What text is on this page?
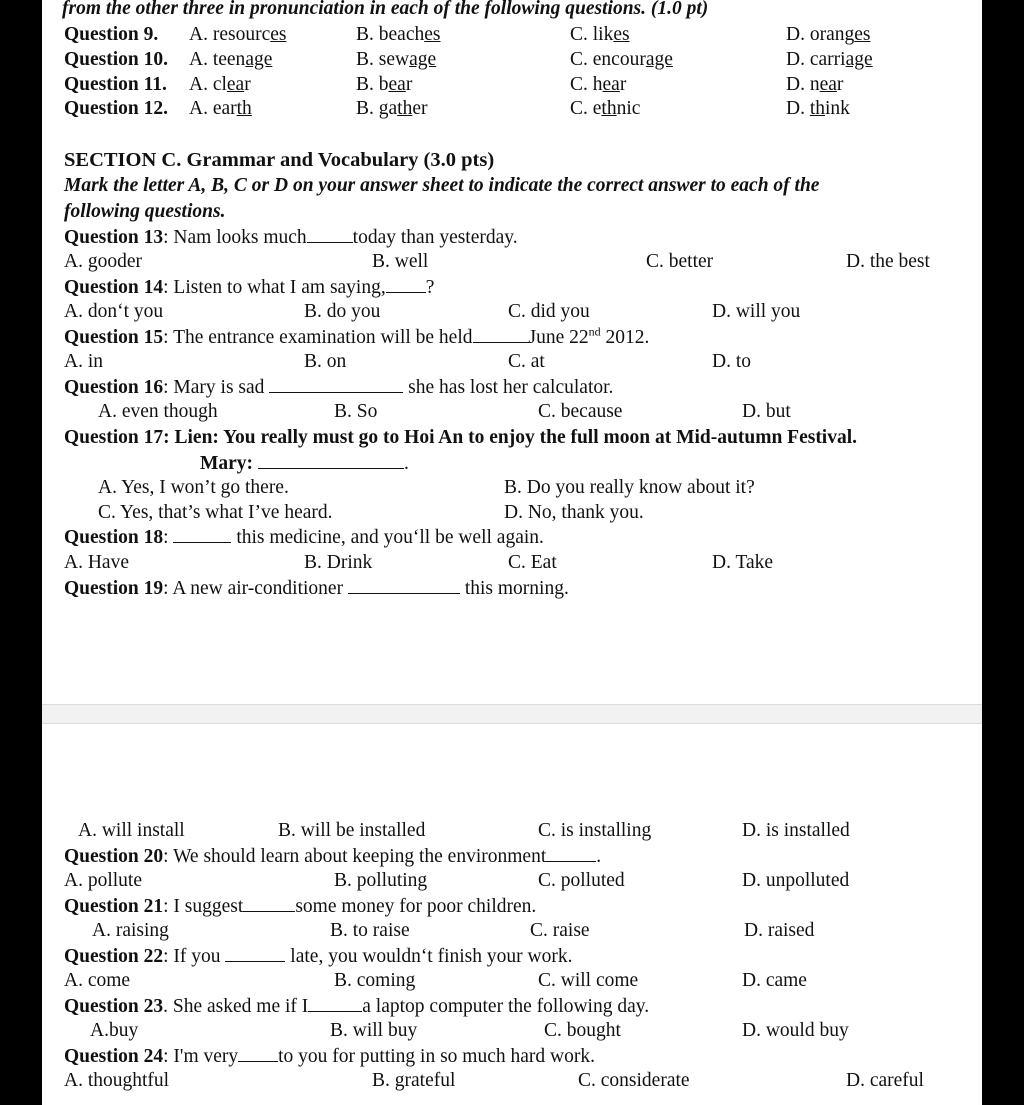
from the other three in pronunciation in each of the following questions. (1.0 pt)
Question 9. A. resources	B. beaches	C. likes	D. oranges
Question 10. A. teenage	B. sewage	C. encourage	D. carriage
Question 11. A. clear	B. bear	C. hear	D. near
Question 12. A. earth	B. gather	C. ethnic	D. think
SECTION C. Grammar and Vocabulary (3.0 pts)
Mark the letter A, B, C or D on your answer sheet to indicate the correct answer to each of the
following questions.
Question 13: Nam looks much today than yesterday.
A. gooder	B. well	C. better	D. the best
Question 14: Listen to what I am saying, ?
A. don‘t you	B. do you	C. did you	D. will you
Question 15: The entrance examination will be held	June 22nd 2012.
A. in	B. on	C. at	D. to
Question 16: Mary is sad	she has lost her calculator.
A. even though	B. So	C. because	D. but
Question 17: Lien: You really must go to Hoi An to enjoy the full moon at Mid-autumn Festival.
Mary:	.
A. Yes, I won’t go there.	B. Do you really know about it?
C. Yes, that’s what I’ve heard.	D. No, thank you.
Question 18:	this medicine, and you‘ll be well again.
A. Have	B. Drink	C. Eat	D. Take
Question 19: A new air-conditioner	this morning.
A. will install	B. will be installed	C. is installing	D. is installed
Question 20: We should learn about keeping the environment	.
A. pollute	B. polluting	C. polluted	D. unpolluted
Question 21: I suggest	some money for poor children.
A. raising	B. to raise	C. raise	D. raised
Question 22: If you	late, you wouldn‘t finish your work.
A. come	B. coming	C. will come	D. came
Question 23. She asked me if I	a laptop computer the following day.
A.buy	B. will buy	C. bought	D. would buy
Question 24: I'm very to you for putting in so much hard work.
A. thoughtful	B. grateful	C. considerate	D. careful
